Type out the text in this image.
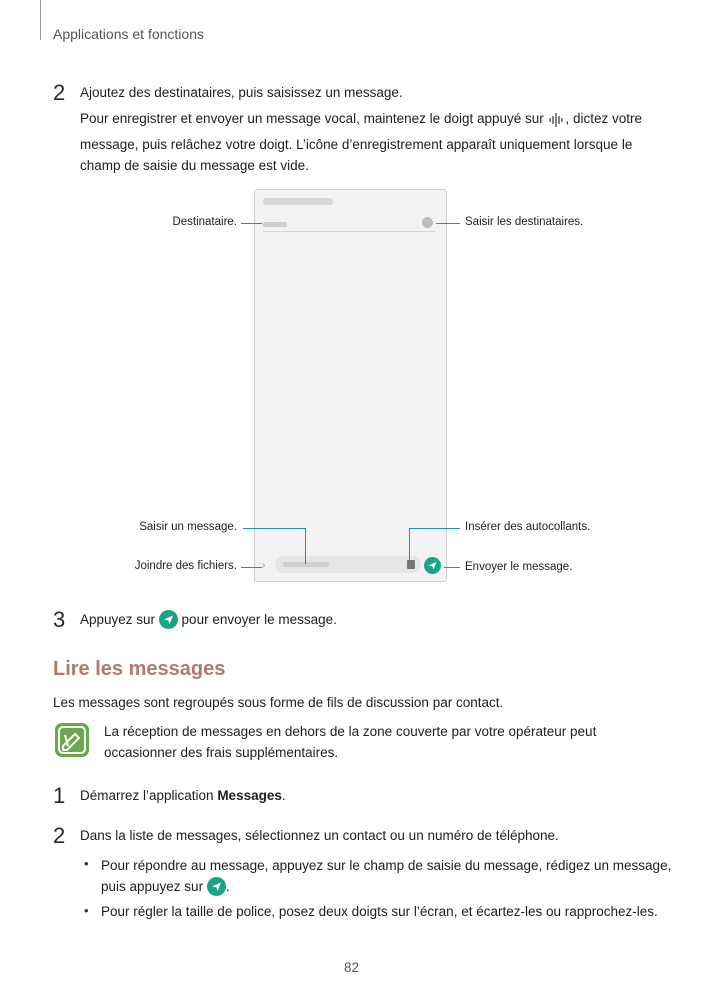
Applications et fonctions
2 Ajoutez des destinataires, puis saisissez un message.
Pour enregistrer et envoyer un message vocal, maintenez le doigt appuyé sur , dictez votre
message, puis relâchez votre doigt. L’icône d’enregistrement apparaît uniquement lorsque le
champ de saisie du message est vide.
›
Destinataire.	Saisir les destinataires.
Saisir un message.	Insérer des autocollants.
Joindre des fichiers.	Envoyer le message.
3 Appuyez sur  pour envoyer le message.
Lire les messages
Les messages sont regroupés sous forme de fils de discussion par contact.
La réception de messages en dehors de la zone couverte par votre opérateur peut
occasionner des frais supplémentaires.
1 Démarrez l’application Messages.
2 Dans la liste de messages, sélectionnez un contact ou un numéro de téléphone.
• Pour répondre au message, appuyez sur le champ de saisie du message, rédigez un message,
puis appuyez sur .
• Pour régler la taille de police, posez deux doigts sur l’écran, et écartez-les ou rapprochez-les.
82
